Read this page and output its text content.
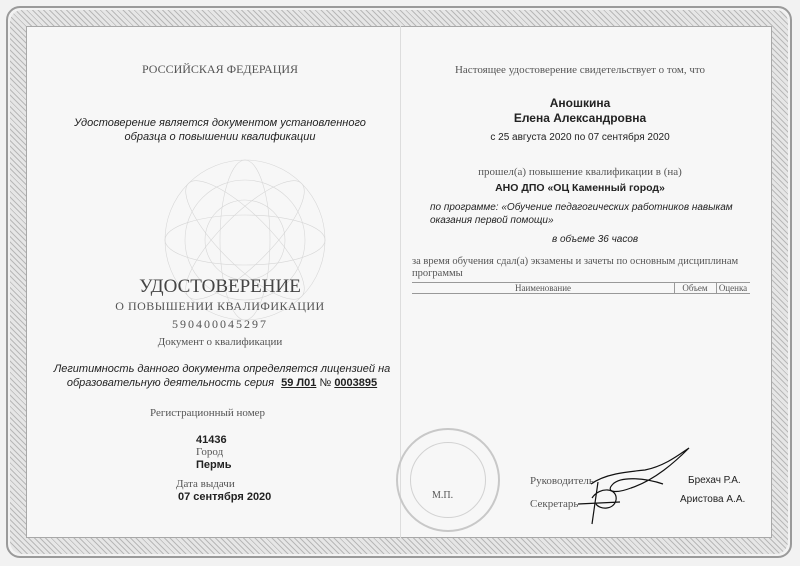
РОССИЙСКАЯ ФЕДЕРАЦИЯ
Удостоверение является документом установленного
образца о повышении квалификации
УДОСТОВЕРЕНИЕ
О ПОВЫШЕНИИ КВАЛИФИКАЦИИ
590400045297
Документ о квалификации
Легитимность данного документа определяется лицензией на
образовательную деятельность серия 59 Л01 № 0003895
Регистрационный номер
41436
Город
Пермь
Дата выдачи
07 сентября 2020
Настоящее удостоверение свидетельствует о том, что
Аношкина
Елена Александровна
с 25 августа 2020 по 07 сентября 2020
прошел(а) повышение квалификации в (на)
АНО ДПО «ОЦ Каменный город»
по программе: «Обучение педагогических работников навыкам
оказания первой помощи»
в объеме 36 часов
за время обучения сдал(а) экзамены и зачеты по основным дисциплинам
программы
Наименование	Объем	Оценка
М.П.
Руководитель	Брехач Р.А.
Секретарь	Аристова А.А.
